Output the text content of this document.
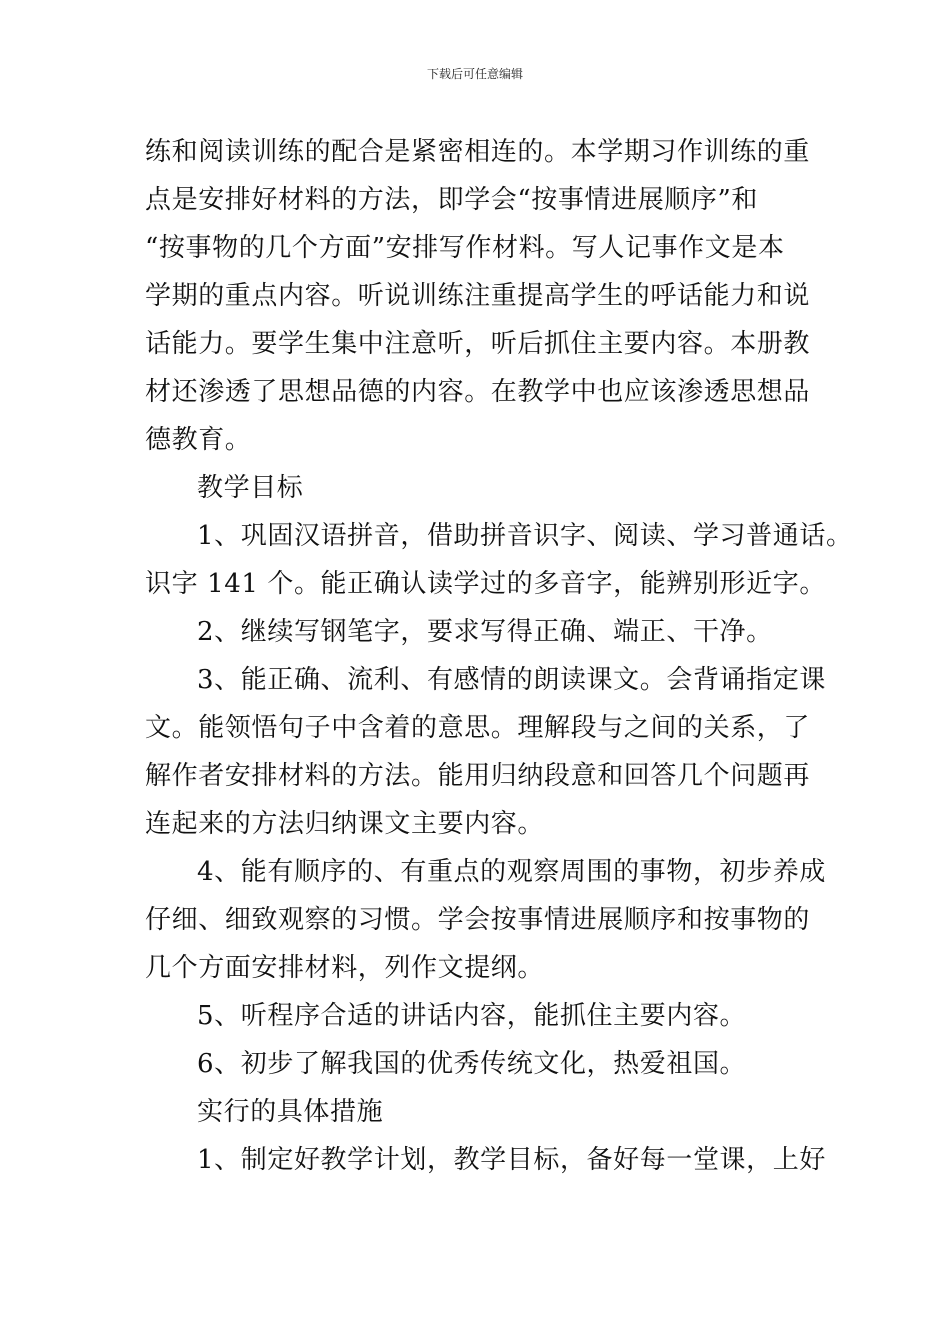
下载后可任意编辑
练和阅读训练的配合是紧密相连的。本学期习作训练的重
点是安排好材料的方法，即学会“按事情进展顺序”和
“按事物的几个方面”安排写作材料。写人记事作文是本
学期的重点内容。听说训练注重提高学生的呼话能力和说
话能力。要学生集中注意听，听后抓住主要内容。本册教
材还渗透了思想品德的内容。在教学中也应该渗透思想品
德教育。
教学目标
1、巩固汉语拼音，借助拼音识字、阅读、学习普通话。
识字 141 个。能正确认读学过的多音字，能辨别形近字。
2、继续写钢笔字，要求写得正确、端正、干净。
3、能正确、流利、有感情的朗读课文。会背诵指定课
文。能领悟句子中含着的意思。理解段与之间的关系，了
解作者安排材料的方法。能用归纳段意和回答几个问题再
连起来的方法归纳课文主要内容。
4、能有顺序的、有重点的观察周围的事物，初步养成
仔细、细致观察的习惯。学会按事情进展顺序和按事物的
几个方面安排材料，列作文提纲。
5、听程序合适的讲话内容，能抓住主要内容。
6、初步了解我国的优秀传统文化，热爱祖国。
实行的具体措施
1、制定好教学计划，教学目标，备好每一堂课，上好
